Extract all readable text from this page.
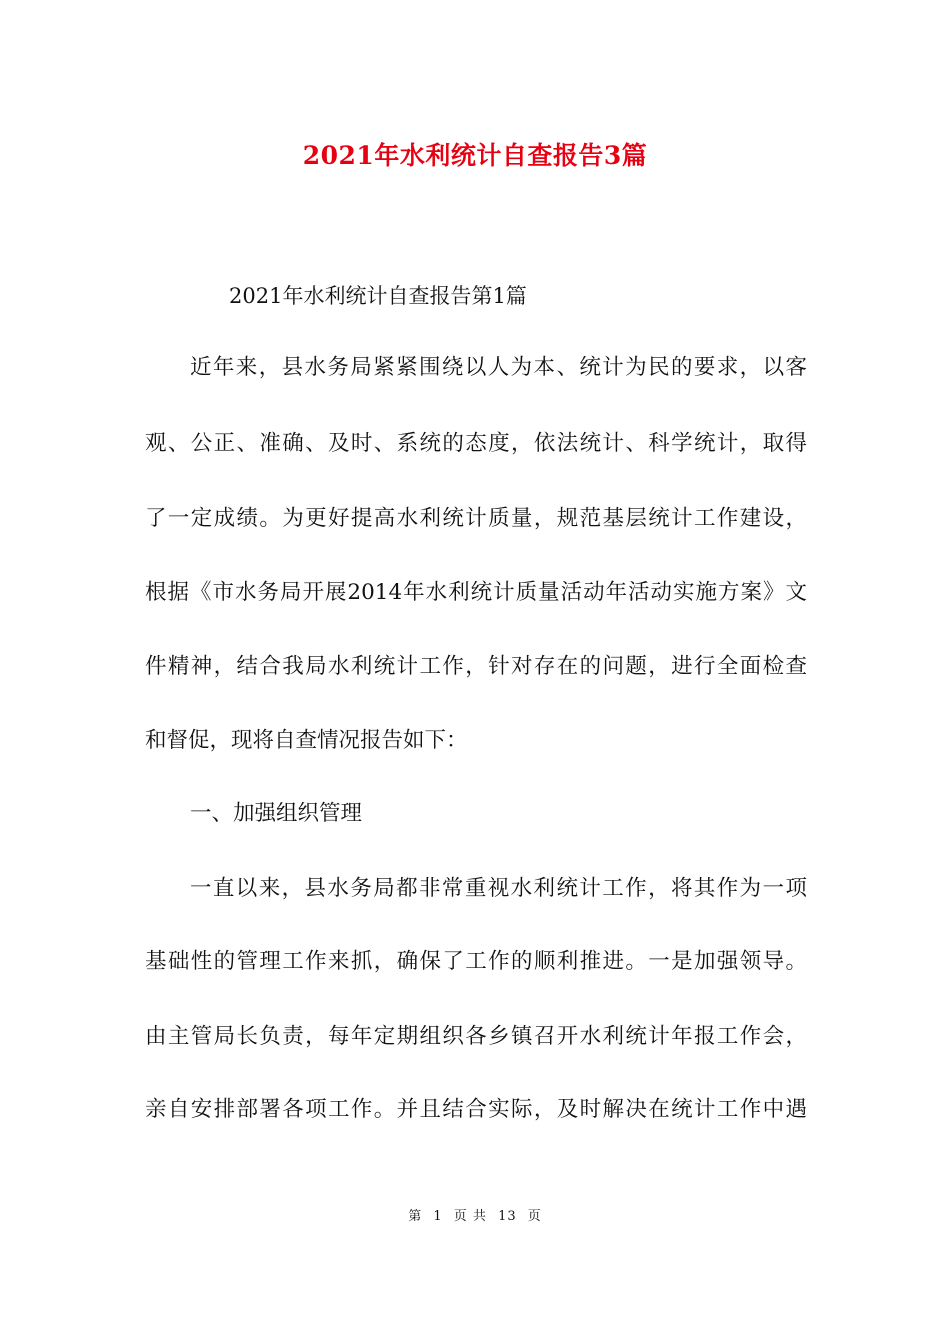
2021年水利统计自查报告3篇
2021年水利统计自查报告第1篇
近年来，县水务局紧紧围绕以人为本、统计为民的要求，以客
观、公正、准确、及时、系统的态度，依法统计、科学统计，取得
了一定成绩。为更好提高水利统计质量，规范基层统计工作建设，
根据《市水务局开展2014年水利统计质量活动年活动实施方案》文
件精神，结合我局水利统计工作，针对存在的问题，进行全面检查
和督促，现将自查情况报告如下：
一、加强组织管理
一直以来，县水务局都非常重视水利统计工作，将其作为一项
基础性的管理工作来抓，确保了工作的顺利推进。一是加强领导。
由主管局长负责，每年定期组织各乡镇召开水利统计年报工作会，
亲自安排部署各项工作。并且结合实际，及时解决在统计工作中遇
第 1 页 共 13 页
